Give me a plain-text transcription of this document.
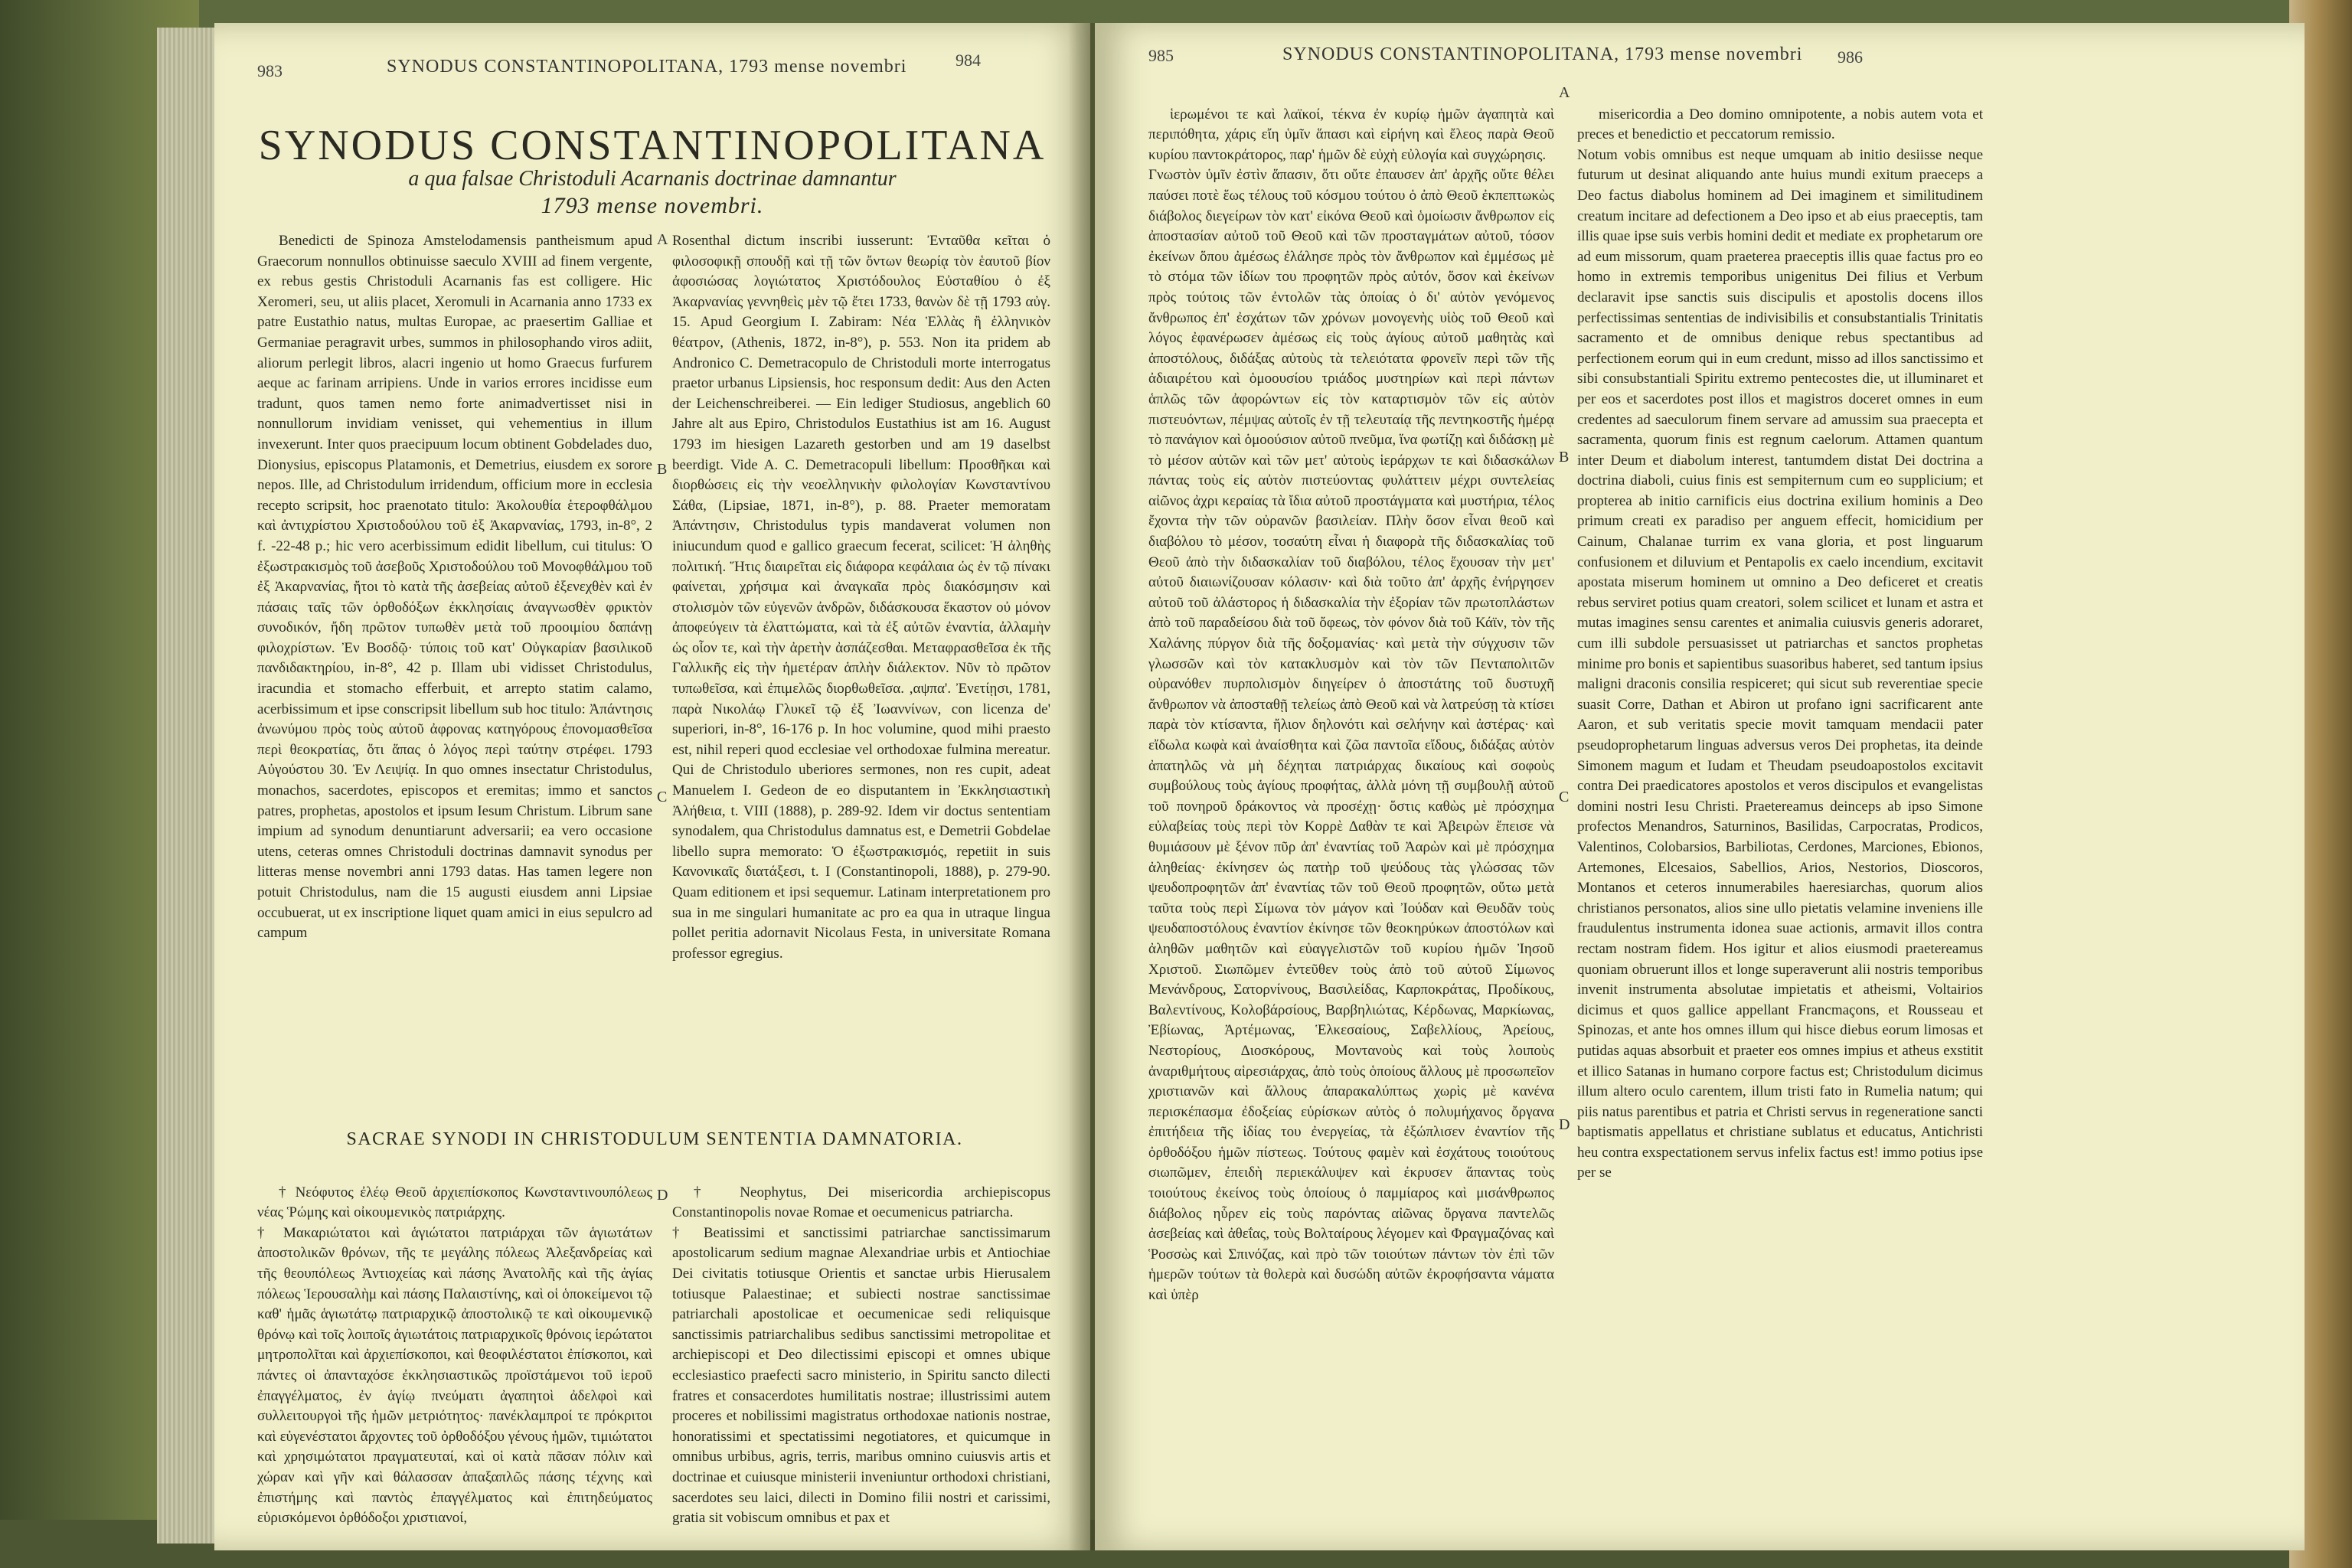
983	SYNODUS CONSTANTINOPOLITANA, 1793 mense novembri	984
SYNODUS CONSTANTINOPOLITANA
a qua falsae Christoduli Acarnanis doctrinae damnantur
1793 mense novembri.

Benedicti de Spinoza Amstelodamensis pantheismum apud Graecorum nonnullos obtinuisse saeculo XVIII ad finem vergente, ex rebus gestis Christoduli Acarnanis fas est colligere. Hic Xeromeri, seu, ut aliis placet, Xeromuli in Acarnania anno 1733 ex patre Eustathio natus, multas Europae, ac praesertim Galliae et Germaniae peragravit urbes, summos in philosophando viros adiit, aliorum perlegit libros, alacri ingenio ut homo Graecus furfurem aeque ac farinam arripiens. Unde in varios errores incidisse eum tradunt, quos tamen nemo forte animadvertisset nisi in nonnullorum invidiam venisset, qui vehementius in illum invexerunt. Inter quos praecipuum locum obtinent Gobdelades duo, Dionysius, episcopus Platamonis, et Demetrius, eiusdem ex sorore nepos. Ille, ad Christodulum irridendum, officium more in ecclesia recepto scripsit, hoc praenotato titulo: Ἀκολουθία ἑτεροφθάλμου καὶ ἀντιχρίστου Χριστοδούλου τοῦ ἐξ Ἀκαρνανίας, 1793, in-8°, 2 f. -22-48 p.; hic vero acerbissimum edidit libellum, cui titulus: Ὁ ἐξωστρακισμὸς τοῦ ἀσεβοῦς Χριστοδούλου τοῦ Μονοφθάλμου τοῦ ἐξ Ἀκαρνανίας, ἤτοι τὸ κατὰ τῆς ἀσεβείας αὐτοῦ ἐξενεχθὲν καὶ ἐν πάσαις ταῖς τῶν ὀρθοδόξων ἐκκλησίαις ἀναγνωσθὲν φρικτὸν συνοδικόν, ἤδη πρῶτον τυπωθὲν μετὰ τοῦ προοιμίου δαπάνῃ φιλοχρίστων. Ἐν Βοσδῷ· τύποις τοῦ κατ' Οὐγκαρίαν βασιλικοῦ πανδιδακτηρίου, in-8°, 42 p. Illam ubi vidisset Christodulus, iracundia et stomacho efferbuit, et arrepto statim calamo, acerbissimum et ipse conscripsit libellum sub hoc titulo: Ἀπάντησις ἀνωνύμου πρὸς τοὺς αὐτοῦ ἀφρονας κατηγόρους ἐπονομασθεῖσα περὶ θεοκρατίας, ὅτι ἅπας ὁ λόγος περὶ ταύτην στρέφει. 1793 Αὐγούστου 30. Ἐν Λειψίᾳ. In quo omnes insectatur Christodulus, monachos, sacerdotes, episcopos et eremitas; immo et sanctos patres, prophetas, apostolos et ipsum Iesum Christum. Librum sane impium ad synodum denuntiarunt adversarii; ea vero occasione utens, ceteras omnes Christoduli doctrinas damnavit synodus per litteras mense novembri anni 1793 datas. Has tamen legere non potuit Christodulus, nam die 15 augusti eiusdem anni Lipsiae occubuerat, ut ex inscriptione liquet quam amici in eius sepulcro ad campum

A
B
C

Rosenthal dictum inscribi iusserunt: Ἐνταῦθα κεῖται ὁ φιλοσοφικῇ σπουδῇ καὶ τῇ τῶν ὄντων θεωρίᾳ τὸν ἑαυτοῦ βίον ἀφοσιώσας λογιώτατος Χριστόδουλος Εὐσταθίου ὁ ἐξ Ἀκαρνανίας γεννηθεὶς μὲν τῷ ἔτει 1733, θανὼν δὲ τῇ 1793 αὐγ. 15. Apud Georgium I. Zabiram: Νέα Ἑλλὰς ἢ ἑλληνικὸν θέατρον, (Athenis, 1872, in-8°), p. 553. Non ita pridem ab Andronico C. Demetracopulo de Christoduli morte interrogatus praetor urbanus Lipsiensis, hoc responsum dedit: Aus den Acten der Leichenschreiberei. — Ein lediger Studiosus, angeblich 60 Jahre alt aus Epiro, Christodulos Eustathius ist am 16. August 1793 im hiesigen Lazareth gestorben und am 19 daselbst beerdigt. Vide A. C. Demetracopuli libellum: Προσθῆκαι καὶ διορθώσεις εἰς τὴν νεοελληνικὴν φιλολογίαν Κωνσταντίνου Σάθα, (Lipsiae, 1871, in-8°), p. 88. Praeter memoratam Ἀπάντησιν, Christodulus typis mandaverat volumen non iniucundum quod e gallico graecum fecerat, scilicet: Ἡ ἀληθὴς πολιτική. Ἥτις διαιρεῖται εἰς διάφορα κεφάλαια ὡς ἐν τῷ πίνακι φαίνεται, χρήσιμα καὶ ἀναγκαῖα πρὸς διακόσμησιν καὶ στολισμὸν τῶν εὐγενῶν ἀνδρῶν, διδάσκουσα ἕκαστον οὐ μόνον ἀποφεύγειν τὰ ἐλαττώματα, καὶ τὰ ἐξ αὐτῶν ἐναντία, ἀλλαμὴν ὡς οἷον τε, καὶ τὴν ἀρετὴν ἀσπάζεσθαι. Μεταφρασθεῖσα ἐκ τῆς Γαλλικῆς εἰς τὴν ἡμετέραν ἁπλὴν διάλεκτον. Νῦν τὸ πρῶτον τυπωθεῖσα, καὶ ἐπιμελῶς διορθωθεῖσα. ,αψπα'. Ἐνετίῃσι, 1781, παρὰ Νικολάῳ Γλυκεῖ τῷ ἐξ Ἰωαννίνων, con licenza de' superiori, in-8°, 16-176 p. In hoc volumine, quod mihi praesto est, nihil reperi quod ecclesiae vel orthodoxae fulmina mereatur. Qui de Christodulo uberiores sermones, non res cupit, adeat Manuelem I. Gedeon de eo disputantem in Ἐκκλησιαστικὴ Ἀλήθεια, t. VIII (1888), p. 289-92. Idem vir doctus sententiam synodalem, qua Christodulus damnatus est, e Demetrii Gobdelae libello supra memorato: Ὁ ἐξωστρακισμός, repetiit in suis Κανονικαῖς διατάξεσι, t. I (Constantinopoli, 1888), p. 279-90. Quam editionem et ipsi sequemur. Latinam interpretationem pro sua in me singulari humanitate ac pro ea qua in utraque lingua pollet peritia adornavit Nicolaus Festa, in universitate Romana professor egregius.

SACRAE SYNODI IN CHRISTODULUM SENTENTIA DAMNATORIA.

† Νεόφυτος ἐλέῳ Θεοῦ ἀρχιεπίσκοπος Κωνσταντινουπόλεως νέας Ῥώμης καὶ οἰκουμενικὸς πατριάρχης.
† Μακαριώτατοι καὶ ἁγιώτατοι πατριάρχαι τῶν ἁγιωτάτων ἀποστολικῶν θρόνων, τῆς τε μεγάλης πόλεως Ἀλεξανδρείας καὶ τῆς θεουπόλεως Ἀντιοχείας καὶ πάσης Ἀνατολῆς καὶ τῆς ἁγίας πόλεως Ἱερουσαλὴμ καὶ πάσης Παλαιστίνης, καὶ οἱ ὁποκείμενοι τῷ καθ' ἡμᾶς ἁγιωτάτῳ πατριαρχικῷ ἀποστολικῷ τε καὶ οἰκουμενικῷ θρόνῳ καὶ τοῖς λοιποῖς ἁγιωτάτοις πατριαρχικοῖς θρόνοις ἱερώτατοι μητροπολῖται καὶ ἀρχιεπίσκοποι, καὶ θεοφιλέστατοι ἐπίσκοποι, καὶ πάντες οἱ ἁπανταχόσε ἐκκλησιαστικῶς προϊστάμενοι τοῦ ἱεροῦ ἐπαγγέλματος, ἐν ἁγίῳ πνεύματι ἀγαπητοὶ ἀδελφοὶ καὶ συλλειτουργοὶ τῆς ἡμῶν μετριότητος· πανέκλαμπροί τε πρόκριτοι καὶ εὐγενέστατοι ἄρχοντες τοῦ ὀρθοδόξου γένους ἡμῶν, τιμιώτατοι καὶ χρησιμώτατοι πραγματευταί, καὶ οἱ κατὰ πᾶσαν πόλιν καὶ χώραν καὶ γῆν καὶ θάλασσαν ἁπαξαπλῶς πάσης τέχνης καὶ ἐπιστήμης καὶ παντὸς ἐπαγγέλματος καὶ ἐπιτηδεύματος εὑρισκόμενοι ὀρθόδοξοι χριστιανοί,

D	† Neophytus, Dei misericordia archiepiscopus Constantinopolis novae Romae et oecumenicus patriarcha.
† Beatissimi et sanctissimi patriarchae sanctissimarum apostolicarum sedium magnae Alexandriae urbis et Antiochiae Dei civitatis totiusque Orientis et sanctae urbis Hierusalem totiusque Palaestinae; et subiecti nostrae sanctissimae patriarchali apostolicae et oecumenicae sedi reliquisque sanctissimis patriarchalibus sedibus sanctissimi metropolitae et archiepiscopi et Deo dilectissimi episcopi et omnes ubique ecclesiastico praefecti sacro ministerio, in Spiritu sancto dilecti fratres et consacerdotes humilitatis nostrae; illustrissimi autem proceres et nobilissimi magistratus orthodoxae nationis nostrae, honoratissimi et spectatissimi negotiatores, et quicumque in omnibus urbibus, agris, terris, maribus omnino cuiusvis artis et doctrinae et cuiusque ministerii inveniuntur orthodoxi christiani, sacerdotes seu laici, dilecti in Domino filii nostri et carissimi, gratia sit vobiscum omnibus et pax et

985	SYNODUS CONSTANTINOPOLITANA, 1793 mense novembri 986

ἱερωμένοι τε καὶ λαϊκοί, τέκνα ἐν κυρίῳ ἡμῶν ἀγαπητὰ καὶ περιπόθητα, χάρις εἴη ὑμῖν ἅπασι καὶ εἰρήνη καὶ ἔλεος παρὰ Θεοῦ κυρίου παντοκράτορος, παρ' ἡμῶν δὲ εὐχὴ εὐλογία καὶ συγχώρησις.
Γνωστὸν ὑμῖν ἐστὶν ἅπασιν, ὅτι οὔτε ἐπαυσεν ἀπ' ἀρχῆς οὔτε θέλει παύσει ποτὲ ἕως τέλους τοῦ κόσμου τούτου ὁ ἀπὸ Θεοῦ ἐκπεπτωκὼς διάβολος διεγείρων τὸν κατ' εἰκόνα Θεοῦ καὶ ὁμοίωσιν ἄνθρωπον εἰς ἀποστασίαν αὐτοῦ τοῦ Θεοῦ καὶ τῶν προσταγμάτων αὐτοῦ, τόσον ἐκείνων ὅπου ἀμέσως ἐλάλησε πρὸς τὸν ἄνθρωπον καὶ ἐμμέσως μὲ τὸ στόμα τῶν ἰδίων του προφητῶν πρὸς αὐτόν, ὅσον καὶ ἐκείνων πρὸς τούτοις τῶν ἐντολῶν τὰς ὁποίας ὁ δι' αὐτὸν γενόμενος ἄνθρωπος ἐπ' ἐσχάτων τῶν χρόνων μονογενὴς υἱὸς τοῦ Θεοῦ καὶ λόγος ἐφανέρωσεν ἀμέσως εἰς τοὺς ἁγίους αὐτοῦ μαθητὰς καὶ ἀποστόλους, διδάξας αὐτοὺς τὰ τελειότατα φρονεῖν περὶ τῶν τῆς ἀδιαιρέτου καὶ ὁμοουσίου τριάδος μυστηρίων καὶ περὶ πάντων ἁπλῶς τῶν ἀφορώντων εἰς τὸν καταρτισμὸν τῶν εἰς αὐτὸν πιστευόντων, πέμψας αὐτοῖς ἐν τῇ τελευταίᾳ τῆς πεντηκοστῆς ἡμέρᾳ τὸ πανάγιον καὶ ὁμοούσιον αὐτοῦ πνεῦμα, ἵνα φωτίζῃ καὶ διδάσκῃ μὲ τὸ μέσον αὐτῶν καὶ τῶν μετ' αὐτοὺς ἱεράρχων τε καὶ διδασκάλων πάντας τοὺς εἰς αὐτὸν πιστεύοντας φυλάττειν μέχρι συντελείας αἰῶνος ἀχρι κεραίας τὰ ἴδια αὐτοῦ προστάγματα καὶ μυστήρια, τέλος ἔχοντα τὴν τῶν οὐρανῶν βασιλείαν. Πλὴν ὅσον εἶναι θεοῦ καὶ διαβόλου τὸ μέσον, τοσαύτη εἶναι ἡ διαφορὰ τῆς διδασκαλίας τοῦ Θεοῦ ἀπὸ τὴν διδασκαλίαν τοῦ διαβόλου, τέλος ἔχουσαν τὴν μετ' αὐτοῦ διαιωνίζουσαν κόλασιν· καὶ διὰ τοῦτο ἀπ' ἀρχῆς ἐνήργησεν αὐτοῦ τοῦ ἀλάστορος ἡ διδασκαλία τὴν ἐξορίαν τῶν πρωτοπλάστων ἀπὸ τοῦ παραδείσου διὰ τοῦ ὄφεως, τὸν φόνον διὰ τοῦ Κάϊν, τὸν τῆς Χαλάνης πύργον διὰ τῆς δοξομανίας· καὶ μετὰ τὴν σύγχυσιν τῶν γλωσσῶν καὶ τὸν κατακλυσμὸν καὶ τὸν τῶν Πενταπολιτῶν οὐρανόθεν πυρπολισμὸν διηγείρεν ὁ ἀποστάτης τοῦ δυστυχῆ ἄνθρωπον νὰ ἀποσταθῇ τελείως ἀπὸ Θεοῦ καὶ νὰ λατρεύσῃ τὰ κτίσει παρὰ τὸν κτίσαντα, ἤλιον δηλονότι καὶ σελήνην καὶ ἀστέρας· καὶ εἴδωλα κωφὰ καὶ ἀναίσθητα καὶ ζῶα παντοῖα εἴδους, διδάξας αὐτὸν ἀπατηλῶς νὰ μὴ δέχηται πατριάρχας δικαίους καὶ σοφοὺς συμβούλους τοὺς ἁγίους προφήτας, ἀλλὰ μόνη τῇ συμβουλῇ αὐτοῦ τοῦ πονηροῦ δράκοντος νὰ προσέχῃ· ὅστις καθὼς μὲ πρόσχημα εὐλαβείας τοὺς περὶ τὸν Κορρὲ Δαθὰν τε καὶ Ἀβειρὼν ἔπεισε νὰ θυμιάσουν μὲ ξένον πῦρ ἀπ' ἐναντίας τοῦ Ἀαρὼν καὶ μὲ πρόσχημα ἀληθείας· ἐκίνησεν ὡς πατὴρ τοῦ ψεύδους τὰς γλώσσας τῶν ψευδοπροφητῶν ἀπ' ἐναντίας τῶν τοῦ Θεοῦ προφητῶν, οὕτω μετὰ ταῦτα τοὺς περὶ Σίμωνα τὸν μάγον καὶ Ἰούδαν καὶ Θευδᾶν τοὺς ψευδαποστόλους ἐναντίον ἐκίνησε τῶν θεοκηρύκων ἀποστόλων καὶ ἀληθῶν μαθητῶν καὶ εὐαγγελιστῶν τοῦ κυρίου ἡμῶν Ἰησοῦ Χριστοῦ. Σιωπῶμεν ἐντεῦθεν τοὺς ἀπὸ τοῦ αὐτοῦ Σίμωνος Μενάνδρους, Σατορνίνους, Βασιλείδας, Καρποκράτας, Προδίκους, Βαλεντίνους, Κολοβάρσίους, Βαρβηλιώτας, Κέρδωνας, Μαρκίωνας, Ἐβίωνας, Ἀρτέμωνας, Ἑλκεσαίους, Σαβελλίους, Ἀρείους, Νεστορίους, Διοσκόρους, Μοντανοὺς καὶ τοὺς λοιποὺς ἀναριθμήτους αἱρεσιάρχας, ἀπὸ τοὺς ὁποίους ἄλλους μὲ προσωπεῖον χριστιανῶν καὶ ἄλλους ἀπαρακαλύπτως χωρὶς μὲ κανένα περισκέπασμα ἐδοξείας εὑρίσκων αὐτὸς ὁ πολυμήχανος ὄργανα ἐπιτήδεια τῆς ἰδίας του ἐνεργείας, τὰ ἐξώπλισεν ἐναντίον τῆς ὀρθοδόξου ἡμῶν πίστεως. Τούτους φαμὲν καὶ ἐσχάτους τοιούτους σιωπῶμεν, ἐπειδὴ περιεκάλυψεν καὶ ἐκρυσεν ἅπαντας τοὺς τοιούτους ἐκείνος τοὺς ὁποίους ὁ παμμίαρος καὶ μισάνθρωπος διάβολος ηὗρεν εἰς τοὺς παρόντας αἰῶνας ὄργανα παντελῶς ἀσεβείας καὶ ἀθεΐας, τοὺς Βολταίρους λέγομεν καὶ Φραγμαζόνας καὶ Ῥοσσὼς καὶ Σπινόζας, καὶ πρὸ τῶν τοιούτων πάντων τὸν ἐπὶ τῶν ἡμερῶν τούτων τὰ θολερὰ καὶ δυσώδη αὐτῶν ἐκροφήσαντα νάματα καὶ ὑπὲρ

A
B
C
D

misericordia a Deo domino omnipotente, a nobis autem vota et preces et benedictio et peccatorum remissio.
Notum vobis omnibus est neque umquam ab initio desiisse neque futurum ut desinat aliquando ante huius mundi exitum praeceps a Deo factus diabolus hominem ad Dei imaginem et similitudinem creatum incitare ad defectionem a Deo ipso et ab eius praeceptis, tam illis quae ipse suis verbis homini dedit et mediate ex prophetarum ore ad eum missorum, quam praeterea praeceptis illis quae factus pro eo homo in extremis temporibus unigenitus Dei filius et Verbum declaravit ipse sanctis suis discipulis et apostolis docens illos perfectissimas sententias de indivisibilis et consubstantialis Trinitatis sacramento et de omnibus denique rebus spectantibus ad perfectionem eorum qui in eum credunt, misso ad illos sanctissimo et sibi consubstantiali Spiritu extremo pentecostes die, ut illuminaret et per eos et sacerdotes post illos et magistros doceret omnes in eum credentes ad saeculorum finem servare ad amussim sua praecepta et sacramenta, quorum finis est regnum caelorum. Attamen quantum inter Deum et diabolum interest, tantumdem distat Dei doctrina a doctrina diaboli, cuius finis est sempiternum cum eo supplicium; et propterea ab initio carnificis eius doctrina exilium hominis a Deo primum creati ex paradiso per anguem effecit, homicidium per Cainum, Chalanae turrim ex vana gloria, et post linguarum confusionem et diluvium et Pentapolis ex caelo incendium, excitavit apostata miserum hominem ut omnino a Deo deficeret et creatis rebus serviret potius quam creatori, solem scilicet et lunam et astra et mutas imagines sensu carentes et animalia cuiusvis generis adoraret, cum illi subdole persuasisset ut patriarchas et sanctos prophetas minime pro bonis et sapientibus suasoribus haberet, sed tantum ipsius maligni draconis consilia respiceret; qui sicut sub reverentiae specie suasit Corre, Dathan et Abiron ut profano igni sacrificarent ante Aaron, et sub veritatis specie movit tamquam mendacii pater pseudoprophetarum linguas adversus veros Dei prophetas, ita deinde Simonem magum et Iudam et Theudam pseudoapostolos excitavit contra Dei praedicatores apostolos et veros discipulos et evangelistas domini nostri Iesu Christi. Praetereamus deinceps ab ipso Simone profectos Menandros, Saturninos, Basilidas, Carpocratas, Prodicos, Valentinos, Colobarsios, Barbiliotas, Cerdones, Marciones, Ebionos, Artemones, Elcesaios, Sabellios, Arios, Nestorios, Dioscoros, Montanos et ceteros innumerabiles haeresiarchas, quorum alios christianos personatos, alios sine ullo pietatis velamine inveniens ille fraudulentus instrumenta idonea suae actionis, armavit illos contra rectam nostram fidem. Hos igitur et alios eiusmodi praetereamus quoniam obruerunt illos et longe superaverunt alii nostris temporibus invenit instrumenta absolutae impietatis et atheismi, Voltairios dicimus et quos gallice appellant Francmaçons, et Rousseau et Spinozas, et ante hos omnes illum qui hisce diebus eorum limosas et putidas aquas absorbuit et praeter eos omnes impius et atheus exstitit et illico Satanas in humano corpore factus est; Christodulum dicimus illum altero oculo carentem, illum tristi fato in Rumelia natum; qui piis natus parentibus et patria et Christi servus in regeneratione sancti baptismatis appellatus et christiane sublatus et educatus, Antichristi heu contra exspectationem servus infelix factus est! immo potius ipse per se
